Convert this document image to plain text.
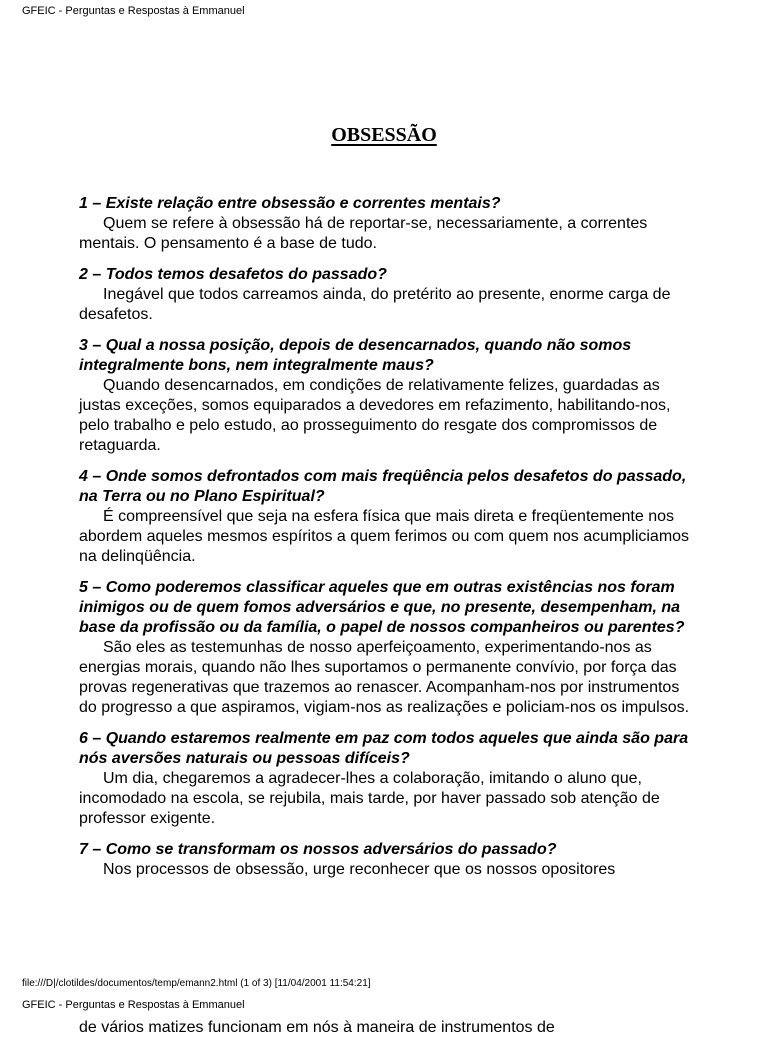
GFEIC - Perguntas e Respostas à Emmanuel
OBSESSÃO
1 – Existe relação entre obsessão e correntes mentais?
Quem se refere à obsessão há de reportar-se, necessariamente, a correntes mentais. O pensamento é a base de tudo.
2 – Todos temos desafetos do passado?
Inegável que todos carreamos ainda, do pretérito ao presente, enorme carga de desafetos.
3 – Qual a nossa posição, depois de desencarnados, quando não somos integralmente bons, nem integralmente maus?
Quando desencarnados, em condições de relativamente felizes, guardadas as justas exceções, somos equiparados a devedores em refazimento, habilitando-nos, pelo trabalho e pelo estudo, ao prosseguimento do resgate dos compromissos de retaguarda.
4 – Onde somos defrontados com mais freqüência pelos desafetos do passado, na Terra ou no Plano Espiritual?
É compreensível que seja na esfera física que mais direta e freqüentemente nos abordem aqueles mesmos espíritos a quem ferimos ou com quem nos acumpliciamos na delinqüência.
5 – Como poderemos classificar aqueles que em outras existências nos foram inimigos ou de quem fomos adversários e que, no presente, desempenham, na base da profissão ou da família, o papel de nossos companheiros ou parentes?
São eles as testemunhas de nosso aperfeiçoamento, experimentando-nos as energias morais, quando não lhes suportamos o permanente convívio, por força das provas regenerativas que trazemos ao renascer. Acompanham-nos por instrumentos do progresso a que aspiramos, vigiam-nos as realizações e policiam-nos os impulsos.
6 – Quando estaremos realmente em paz com todos aqueles que ainda são para nós aversões naturais ou pessoas difíceis?
Um dia, chegaremos a agradecer-lhes a colaboração, imitando o aluno que, incomodado na escola, se rejubila, mais tarde, por haver passado sob atenção de professor exigente.
7 – Como se transformam os nossos adversários do passado?
Nos processos de obsessão, urge reconhecer que os nossos opositores
file:///D|/clotildes/documentos/temp/emann2.html (1 of 3) [11/04/2001 11:54:21]
GFEIC - Perguntas e Respostas à Emmanuel
de vários matizes funcionam em nós à maneira de instrumentos de
